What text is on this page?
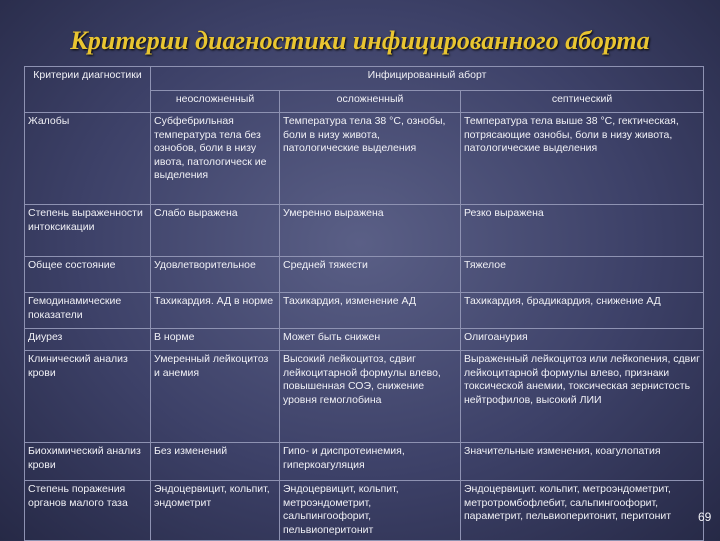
Критерии диагностики инфицированного аборта
Критерии диагностики	Инфицированный аборт		
	неосложненный	осложненный	септический
Жалобы	Субфебрильная температура тела без ознобов, боли в низу ивота, патологическ ие выделения	Температура тела 38 °С, ознобы, боли в низу живота, патологические выделения	Температура тела выше 38 °С, гектическая, потрясающие ознобы, боли в низу живота, патологические выделения
Степень выраженности интоксикации	Слабо выражена	Умеренно выражена	Резко выражена
Общее состояние	Удовлетворительное	Средней тяжести	Тяжелое
Гемодинамические показатели	Тахикардия. АД в норме	Тахикардия, изменение АД	Тахикардия, брадикардия, снижение АД
Диурез	В норме	Может быть снижен	Олигоанурия
Клинический анализ крови	Умеренный лейкоцитоз и анемия	Высокий лейкоцитоз, сдвиг лейкоцитарной формулы влево, повышенная СОЭ, снижение уровня гемоглобина	Выраженный лейкоцитоз или лейкопения, сдвиг лейкоцитарной формулы влево, признаки токсической анемии, токсическая зернистость нейтрофилов, высокий ЛИИ
Биохимический анализ крови	Без изменений	Гипо- и диспротеинемия, гиперкоагуляция	Значительные изменения, коагулопатия
Степень поражения органов малого таза	Эндоцервицит, кольпит, эндометрит	Эндоцервицит, кольпит, метроэндометрит, сальпингоофорит, пельвиоперитонит	Эндоцервицит. кольпит, метроэндометрит, метротромбофлебит, сальпингоофорит, параметрит, пельвиоперитонит, перитонит 69
